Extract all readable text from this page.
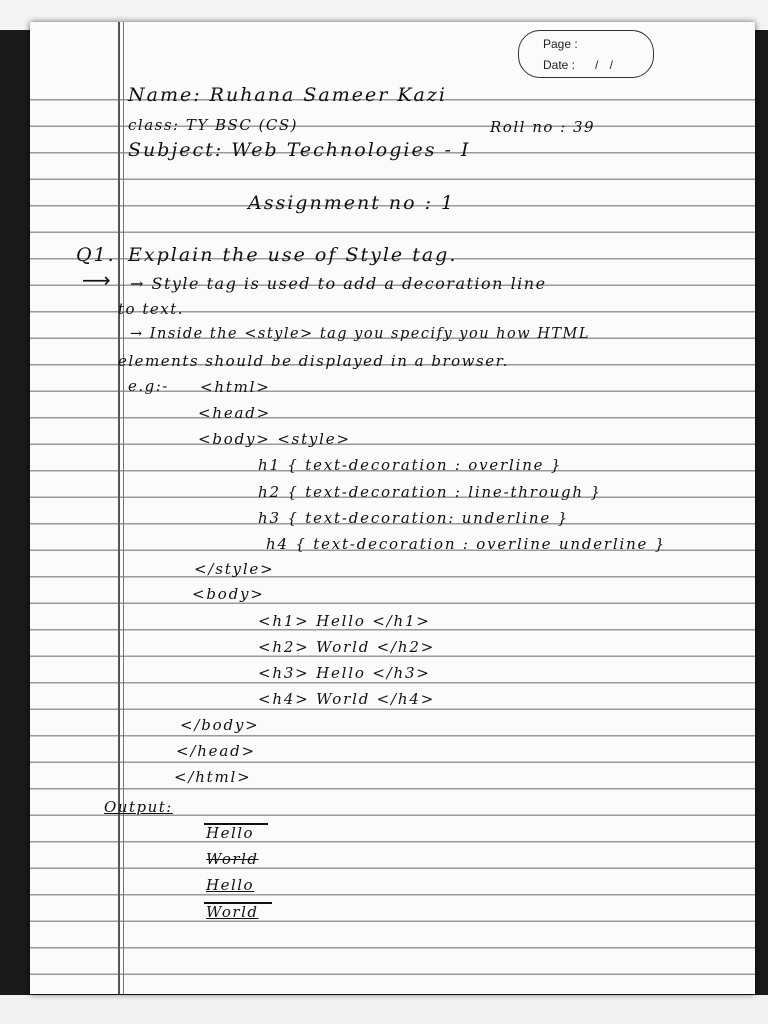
Page :
Date : / /
Name: Ruhana Sameer Kazi
class: TY BSC (CS)	Roll no : 39
Subject: Web Technologies - I
Assignment no : 1
Q1. Explain the use of Style tag.
⟶ → Style tag is used to add a decoration line
to text.
→ Inside the <style> tag you specify you how HTML
elements should be displayed in a browser.
e.g:- <html>
<head>
<body> <style>
h1 { text-decoration : overline }
h2 { text-decoration : line-through }
h3 { text-decoration: underline }
h4 { text-decoration : overline underline }
</style>
<body>
<h1> Hello </h1>
<h2> World </h2>
<h3> Hello </h3>
<h4> World </h4>
</body>
</head>
</html>
Output:
Hello
World
Hello
World
